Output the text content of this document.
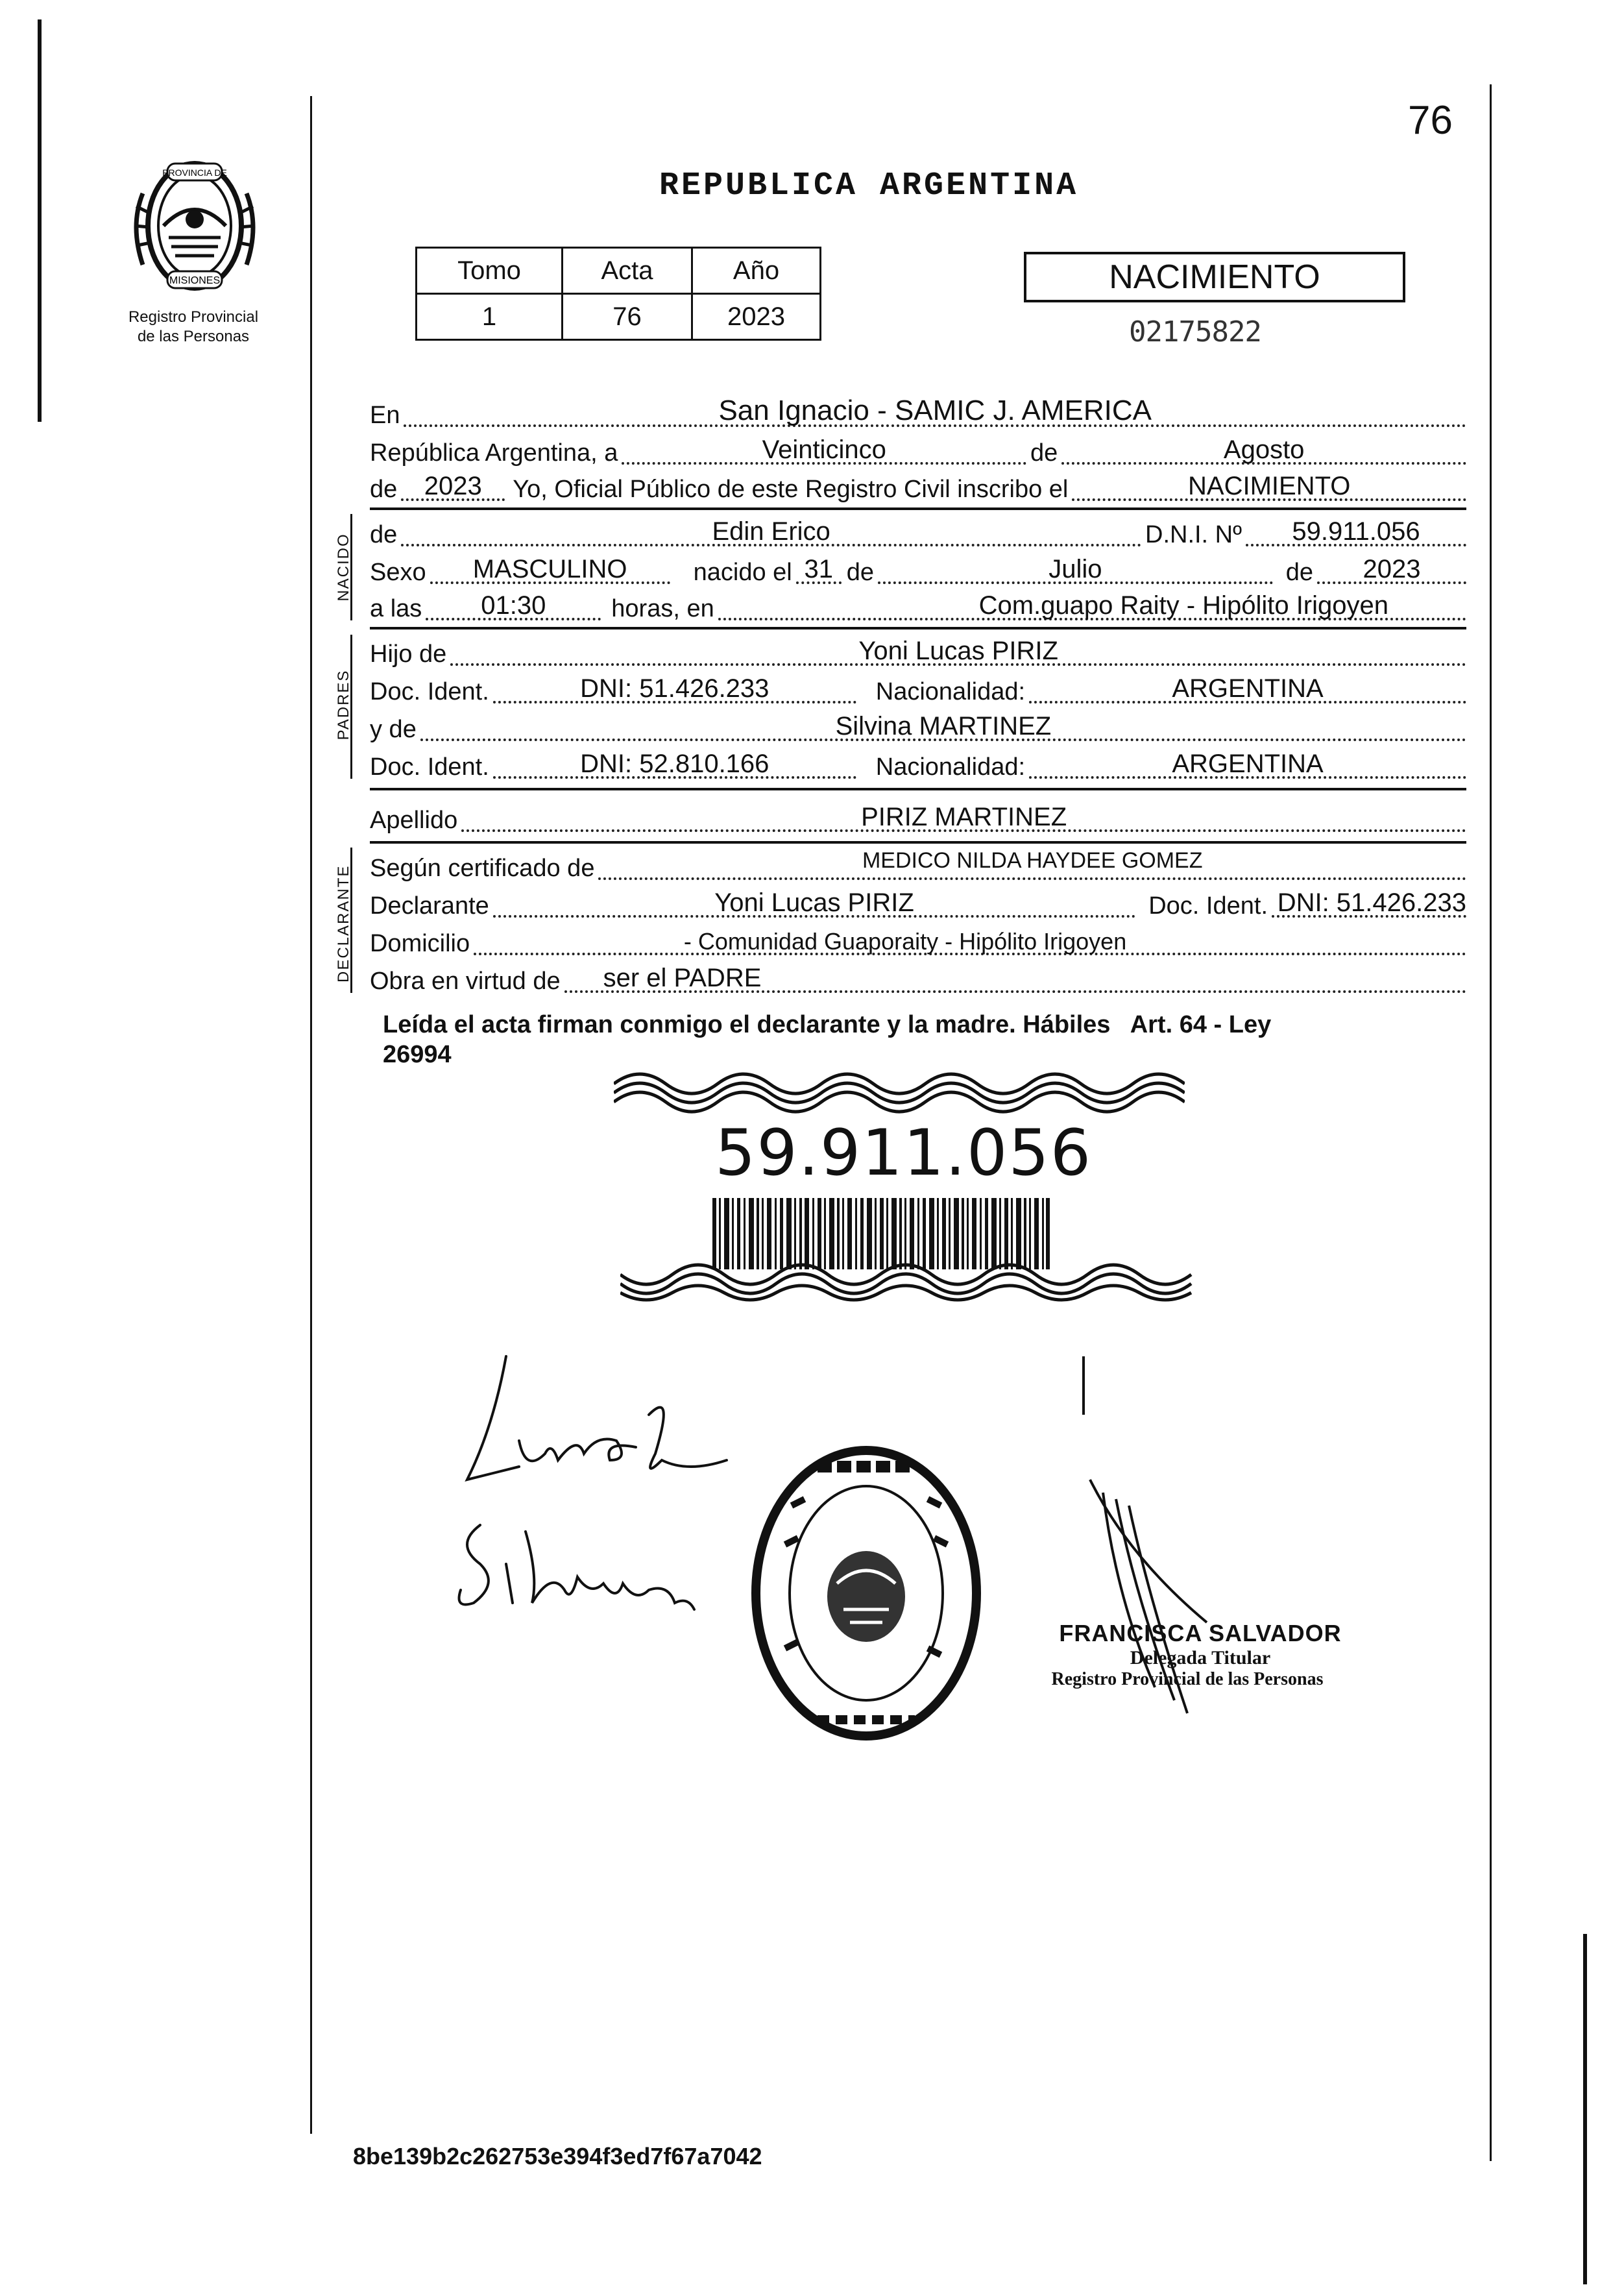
76
PROVINCIA DE
MISIONES
Registro Provincial
de las Personas
REPUBLICA ARGENTINA
Tomo	Acta	Año
1	76	2023
NACIMIENTO
02175822
En	San Ignacio - SAMIC J. AMERICA
República Argentina, a	Veinticinco	de	Agosto
de	2023	Yo, Oficial Público de este Registro Civil inscribo el	NACIMIENTO
NACIDO de	Edin Erico	D.N.I. Nº	59.911.056
Sexo	MASCULINO	nacido el 31 de	Julio	de	2023
a las	01:30	horas, en	Com.guapo Raity - Hipólito Irigoyen
PADRES
Hijo de	Yoni Lucas PIRIZ
Doc. Ident.	DNI: 51.426.233	Nacionalidad:	ARGENTINA
y de	Silvina MARTINEZ
Doc. Ident.	DNI: 52.810.166	Nacionalidad:	ARGENTINA
Apellido	PIRIZ MARTINEZ
DECLARANTE Según certificado de	MEDICO NILDA HAYDEE GOMEZ
Declarante	Yoni Lucas PIRIZ	Doc. Ident. DNI: 51.426.233
Domicilio	- Comunidad Guaporaity - Hipólito Irigoyen
Obra en virtud de	ser el PADRE
Leída el acta firman conmigo el declarante y la madre. Hábiles   Art. 64 - Ley
26994
59.911.056
FRANCISCA SALVADOR
Delegada Titular
Registro Provincial de las Personas
8be139b2c262753e394f3ed7f67a7042
